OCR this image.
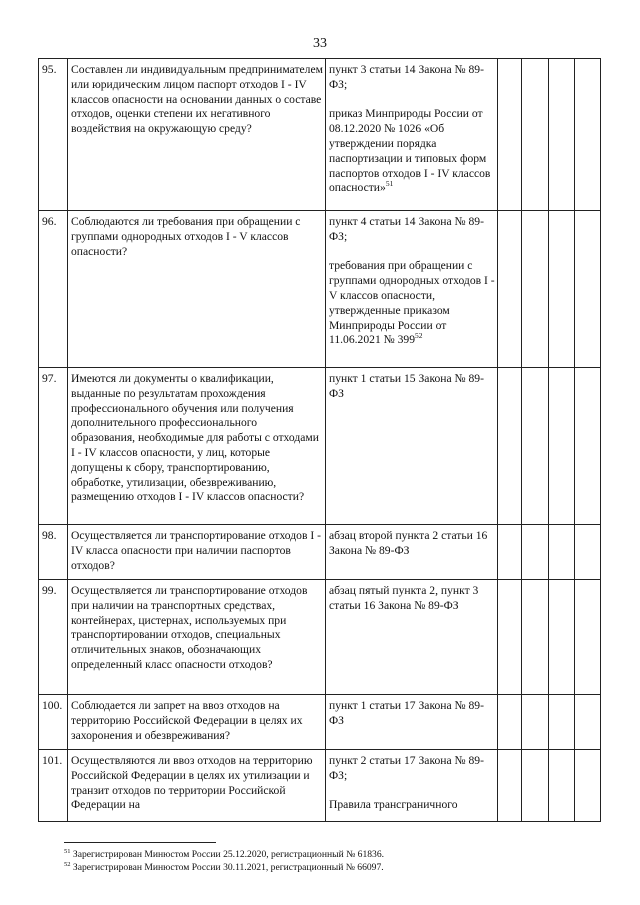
33
95.	Составлен ли индивидуальным предпринимателем или юридическим лицом паспорт отходов I - IV классов опасности на основании данных о составе отходов, оценки степени их негативного воздействия на окружающую среду?	пункт 3 статьи 14 Закона № 89-ФЗ;
приказ Минприроды России от 08.12.2020 № 1026 «Об утверждении порядка паспортизации и типовых форм паспортов отходов I - IV классов опасности»$^{51}$

96.	Соблюдаются ли требования при обращении с группами однородных отходов I - V классов опасности?	пункт 4 статьи 14 Закона № 89-ФЗ;
требования при обращении с группами однородных отходов I - V классов опасности, утвержденные приказом Минприроды России от 11.06.2021 № $399^{52}$

97.	Имеются ли документы о квалификации, выданные по результатам прохождения профессионального обучения или получения дополнительного профессионального образования, необходимые для работы с отходами I - IV классов опасности, у лиц, которые допущены к сбору, транспортированию, обработке, утилизации, обезвреживанию, размещению отходов I - IV классов опасности?	пункт 1 статьи 15 Закона № 89-ФЗ				

98.	Осуществляется ли транспортирование отходов I - IV класса опасности при наличии паспортов отходов?	абзац второй пункта 2 статьи 16 Закона № 89-ФЗ				

99.	Осуществляется ли транспортирование отходов при наличии на транспортных средствах, контейнерах, цистернах, используемых при транспортировании отходов, специальных отличительных знаков, обозначающих определенный класс опасности отходов?	абзац пятый пункта 2, пункт 3 статьи 16 Закона № 89-ФЗ				

100.	Соблюдается ли запрет на ввоз отходов на территорию Российской Федерации в целях их захоронения и обезвреживания?	пункт 1 статьи 17 Закона № 89-ФЗ				

101.	Осуществляются ли ввоз отходов на территорию Российской Федерации в целях их утилизации и транзит отходов по территории Российской Федерации на	пункт 2 статьи 17 Закона № 89-ФЗ;
Правила трансграничного				

$^{51}$ Зарегистрирован Минюстом России 25.12.2020, регистрационный № 61836.
$^{52}$ Зарегистрирован Минюстом России 30.11.2021, регистрационный № 66097.
